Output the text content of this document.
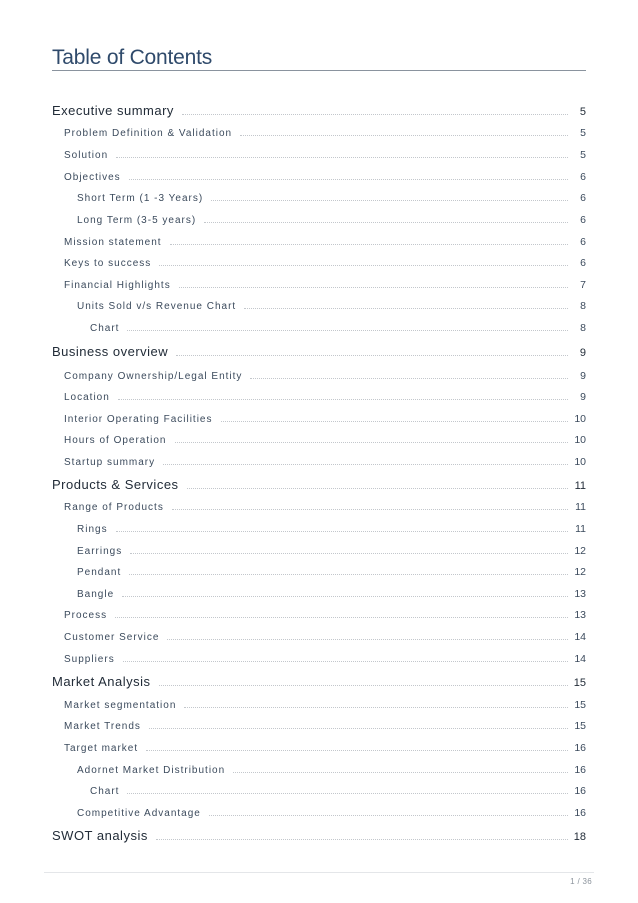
Table of Contents
Executive summary	5
Problem Definition & Validation	5
Solution	5
Objectives	6
Short Term (1 -3 Years)	6
Long Term (3-5 years)	6
Mission statement	6
Keys to success	6
Financial Highlights	7
Units Sold v/s Revenue Chart	8
Chart	8
Business overview	9
Company Ownership/Legal Entity	9
Location	9
Interior Operating Facilities	10
Hours of Operation	10
Startup summary	10
Products & Services	11
Range of Products	11
Rings	11
Earrings	12
Pendant	12
Bangle	13
Process	13
Customer Service	14
Suppliers	14
Market Analysis	15
Market segmentation	15
Market Trends	15
Target market	16
Adornet Market Distribution	16
Chart	16
Competitive Advantage	16
SWOT analysis	18
1 / 36
